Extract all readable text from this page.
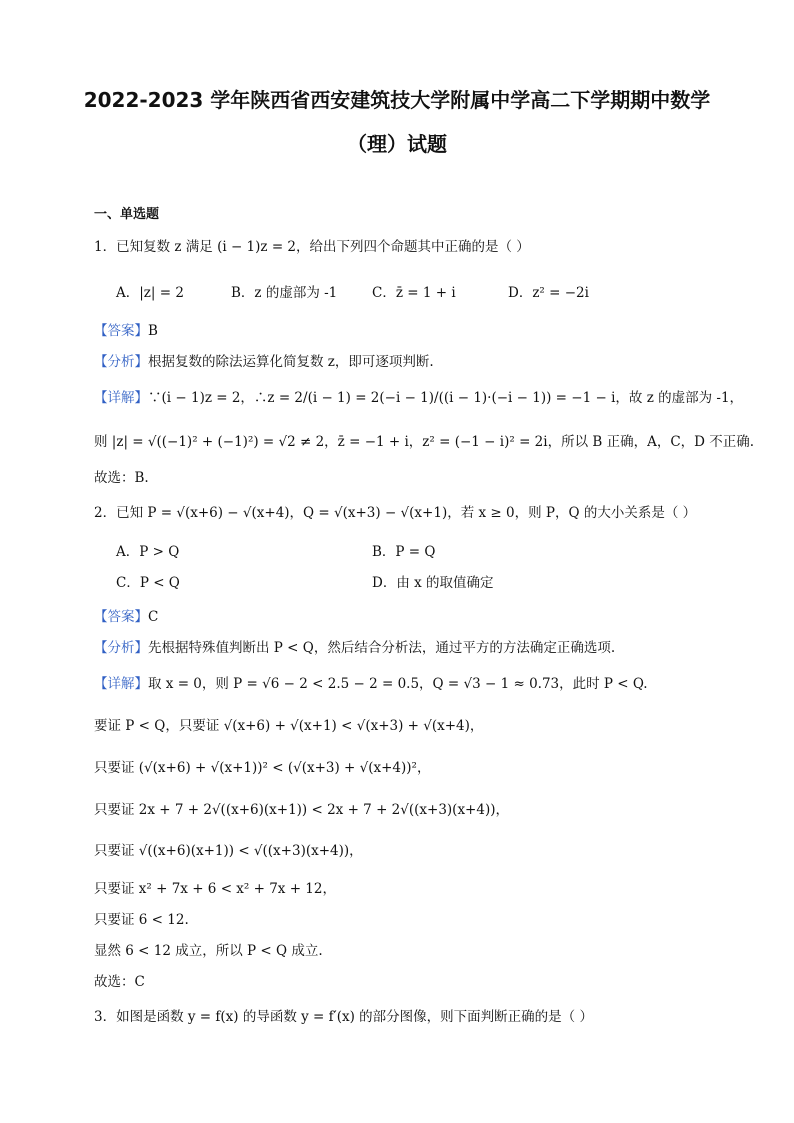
2022-2023 学年陕西省西安建筑技大学附属中学高二下学期期中数学
（理）试题
一、单选题
1．已知复数 z 满足 (i − 1)z = 2，给出下列四个命题其中正确的是（ ）
A．|z| = 2	B．z 的虚部为 -1	C．z̄ = 1 + i	D．z² = −2i
【答案】B
【分析】根据复数的除法运算化简复数 z，即可逐项判断.
【详解】∵(i − 1)z = 2，∴z = 2/(i − 1) = 2(−i − 1)/((i − 1)·(−i − 1)) = −1 − i，故 z 的虚部为 -1，
则 |z| = √((−1)² + (−1)²) = √2 ≠ 2，z̄ = −1 + i，z² = (−1 − i)² = 2i，所以 B 正确，A，C，D 不正确.
故选：B.
2．已知 P = √(x+6) − √(x+4)，Q = √(x+3) − √(x+1)，若 x ≥ 0，则 P，Q 的大小关系是（ ）
A．P > Q	B．P = Q
C．P < Q	D．由 x 的取值确定
【答案】C
【分析】先根据特殊值判断出 P < Q，然后结合分析法，通过平方的方法确定正确选项.
【详解】取 x = 0，则 P = √6 − 2 < 2.5 − 2 = 0.5，Q = √3 − 1 ≈ 0.73，此时 P < Q.
要证 P < Q，只要证 √(x+6) + √(x+1) < √(x+3) + √(x+4)，
只要证 (√(x+6) + √(x+1))² < (√(x+3) + √(x+4))²，
只要证 2x + 7 + 2√((x+6)(x+1)) < 2x + 7 + 2√((x+3)(x+4))，
只要证 √((x+6)(x+1)) < √((x+3)(x+4))，
只要证 x² + 7x + 6 < x² + 7x + 12，
只要证 6 < 12.
显然 6 < 12 成立，所以 P < Q 成立.
故选：C
3．如图是函数 y = f(x) 的导函数 y = f′(x) 的部分图像，则下面判断正确的是（ ）
